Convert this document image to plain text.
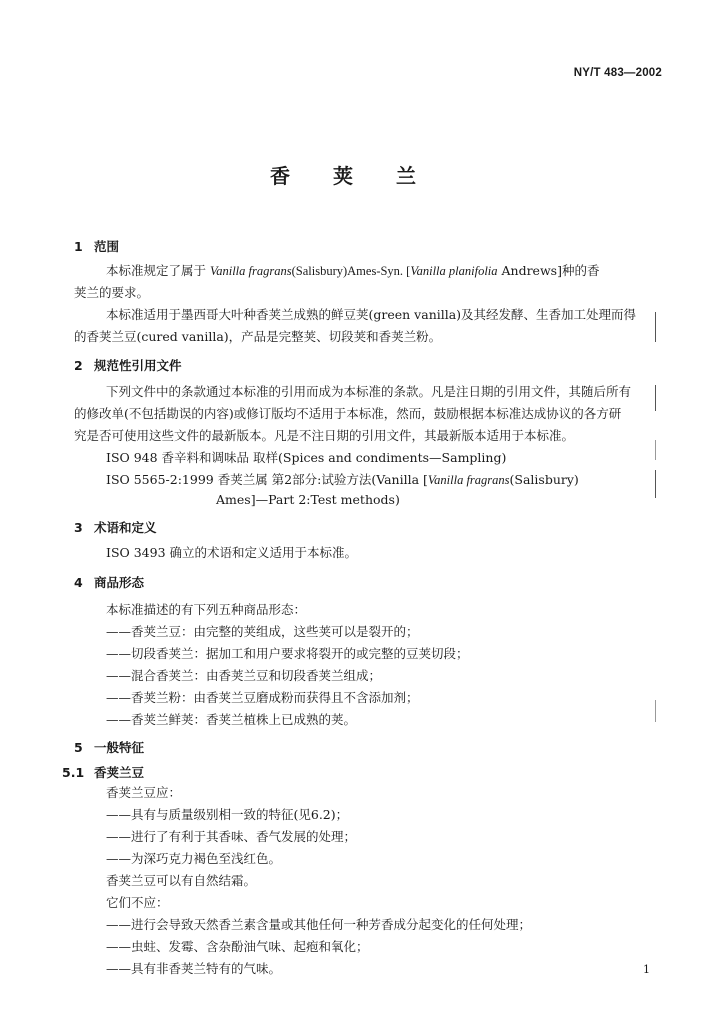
NY/T 483—2002
香 荚 兰
1 范围
本标准规定了属于 Vanilla fragrans(Salisbury)Ames-Syn. [Vanilla planifolia Andrews]种的香
荚兰的要求。
本标准适用于墨西哥大叶种香荚兰成熟的鲜豆荚(green vanilla)及其经发酵、生香加工处理而得
的香荚兰豆(cured vanilla)，产品是完整荚、切段荚和香荚兰粉。
2 规范性引用文件
下列文件中的条款通过本标准的引用而成为本标准的条款。凡是注日期的引用文件，其随后所有
的修改单(不包括勘误的内容)或修订版均不适用于本标准，然而，鼓励根据本标准达成协议的各方研
究是否可使用这些文件的最新版本。凡是不注日期的引用文件，其最新版本适用于本标准。
ISO 948 香辛料和调味品 取样(Spices and condiments—Sampling)
ISO 5565-2:1999 香荚兰属 第2部分:试验方法(Vanilla [Vanilla fragrans(Salisbury)
Ames]—Part 2:Test methods)
3 术语和定义
ISO 3493 确立的术语和定义适用于本标准。
4 商品形态
本标准描述的有下列五种商品形态：
——香荚兰豆：由完整的荚组成，这些荚可以是裂开的；
——切段香荚兰：据加工和用户要求将裂开的或完整的豆荚切段；
——混合香荚兰：由香荚兰豆和切段香荚兰组成；
——香荚兰粉：由香荚兰豆磨成粉而获得且不含添加剂；
——香荚兰鲜荚：香荚兰植株上已成熟的荚。
5 一般特征
5.1 香荚兰豆
香荚兰豆应：
——具有与质量级别相一致的特征(见6.2)；
——进行了有利于其香味、香气发展的处理；
——为深巧克力褐色至浅红色。
香荚兰豆可以有自然结霜。
它们不应：
——进行会导致天然香兰素含量或其他任何一种芳香成分起变化的任何处理；
——虫蛀、发霉、含杂酚油气味、起疱和氧化；
——具有非香荚兰特有的气味。	1
